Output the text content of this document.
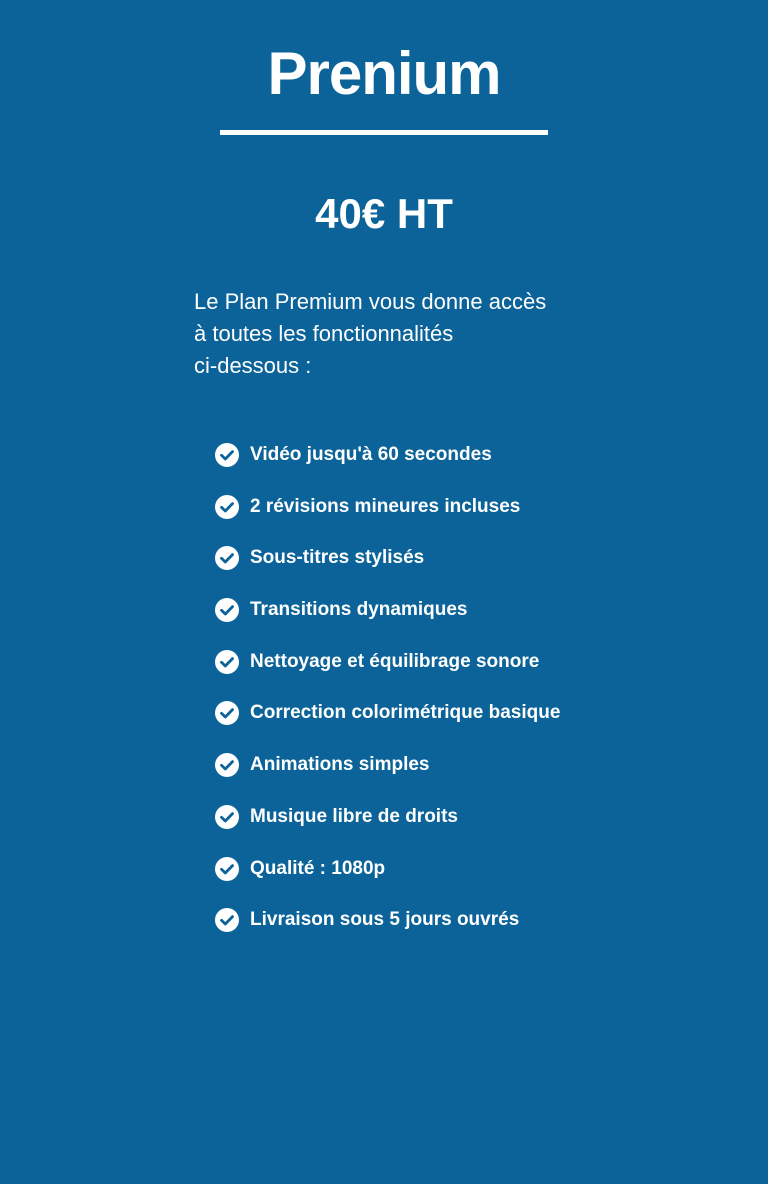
Prenium
40€ HT
Le Plan Premium vous donne accès
à toutes les fonctionnalités
ci-dessous :
Vidéo jusqu'à 60 secondes
2 révisions mineures incluses
Sous-titres stylisés
Transitions dynamiques
Nettoyage et équilibrage sonore
Correction colorimétrique basique
Animations simples
Musique libre de droits
Qualité : 1080p
Livraison sous 5 jours ouvrés
